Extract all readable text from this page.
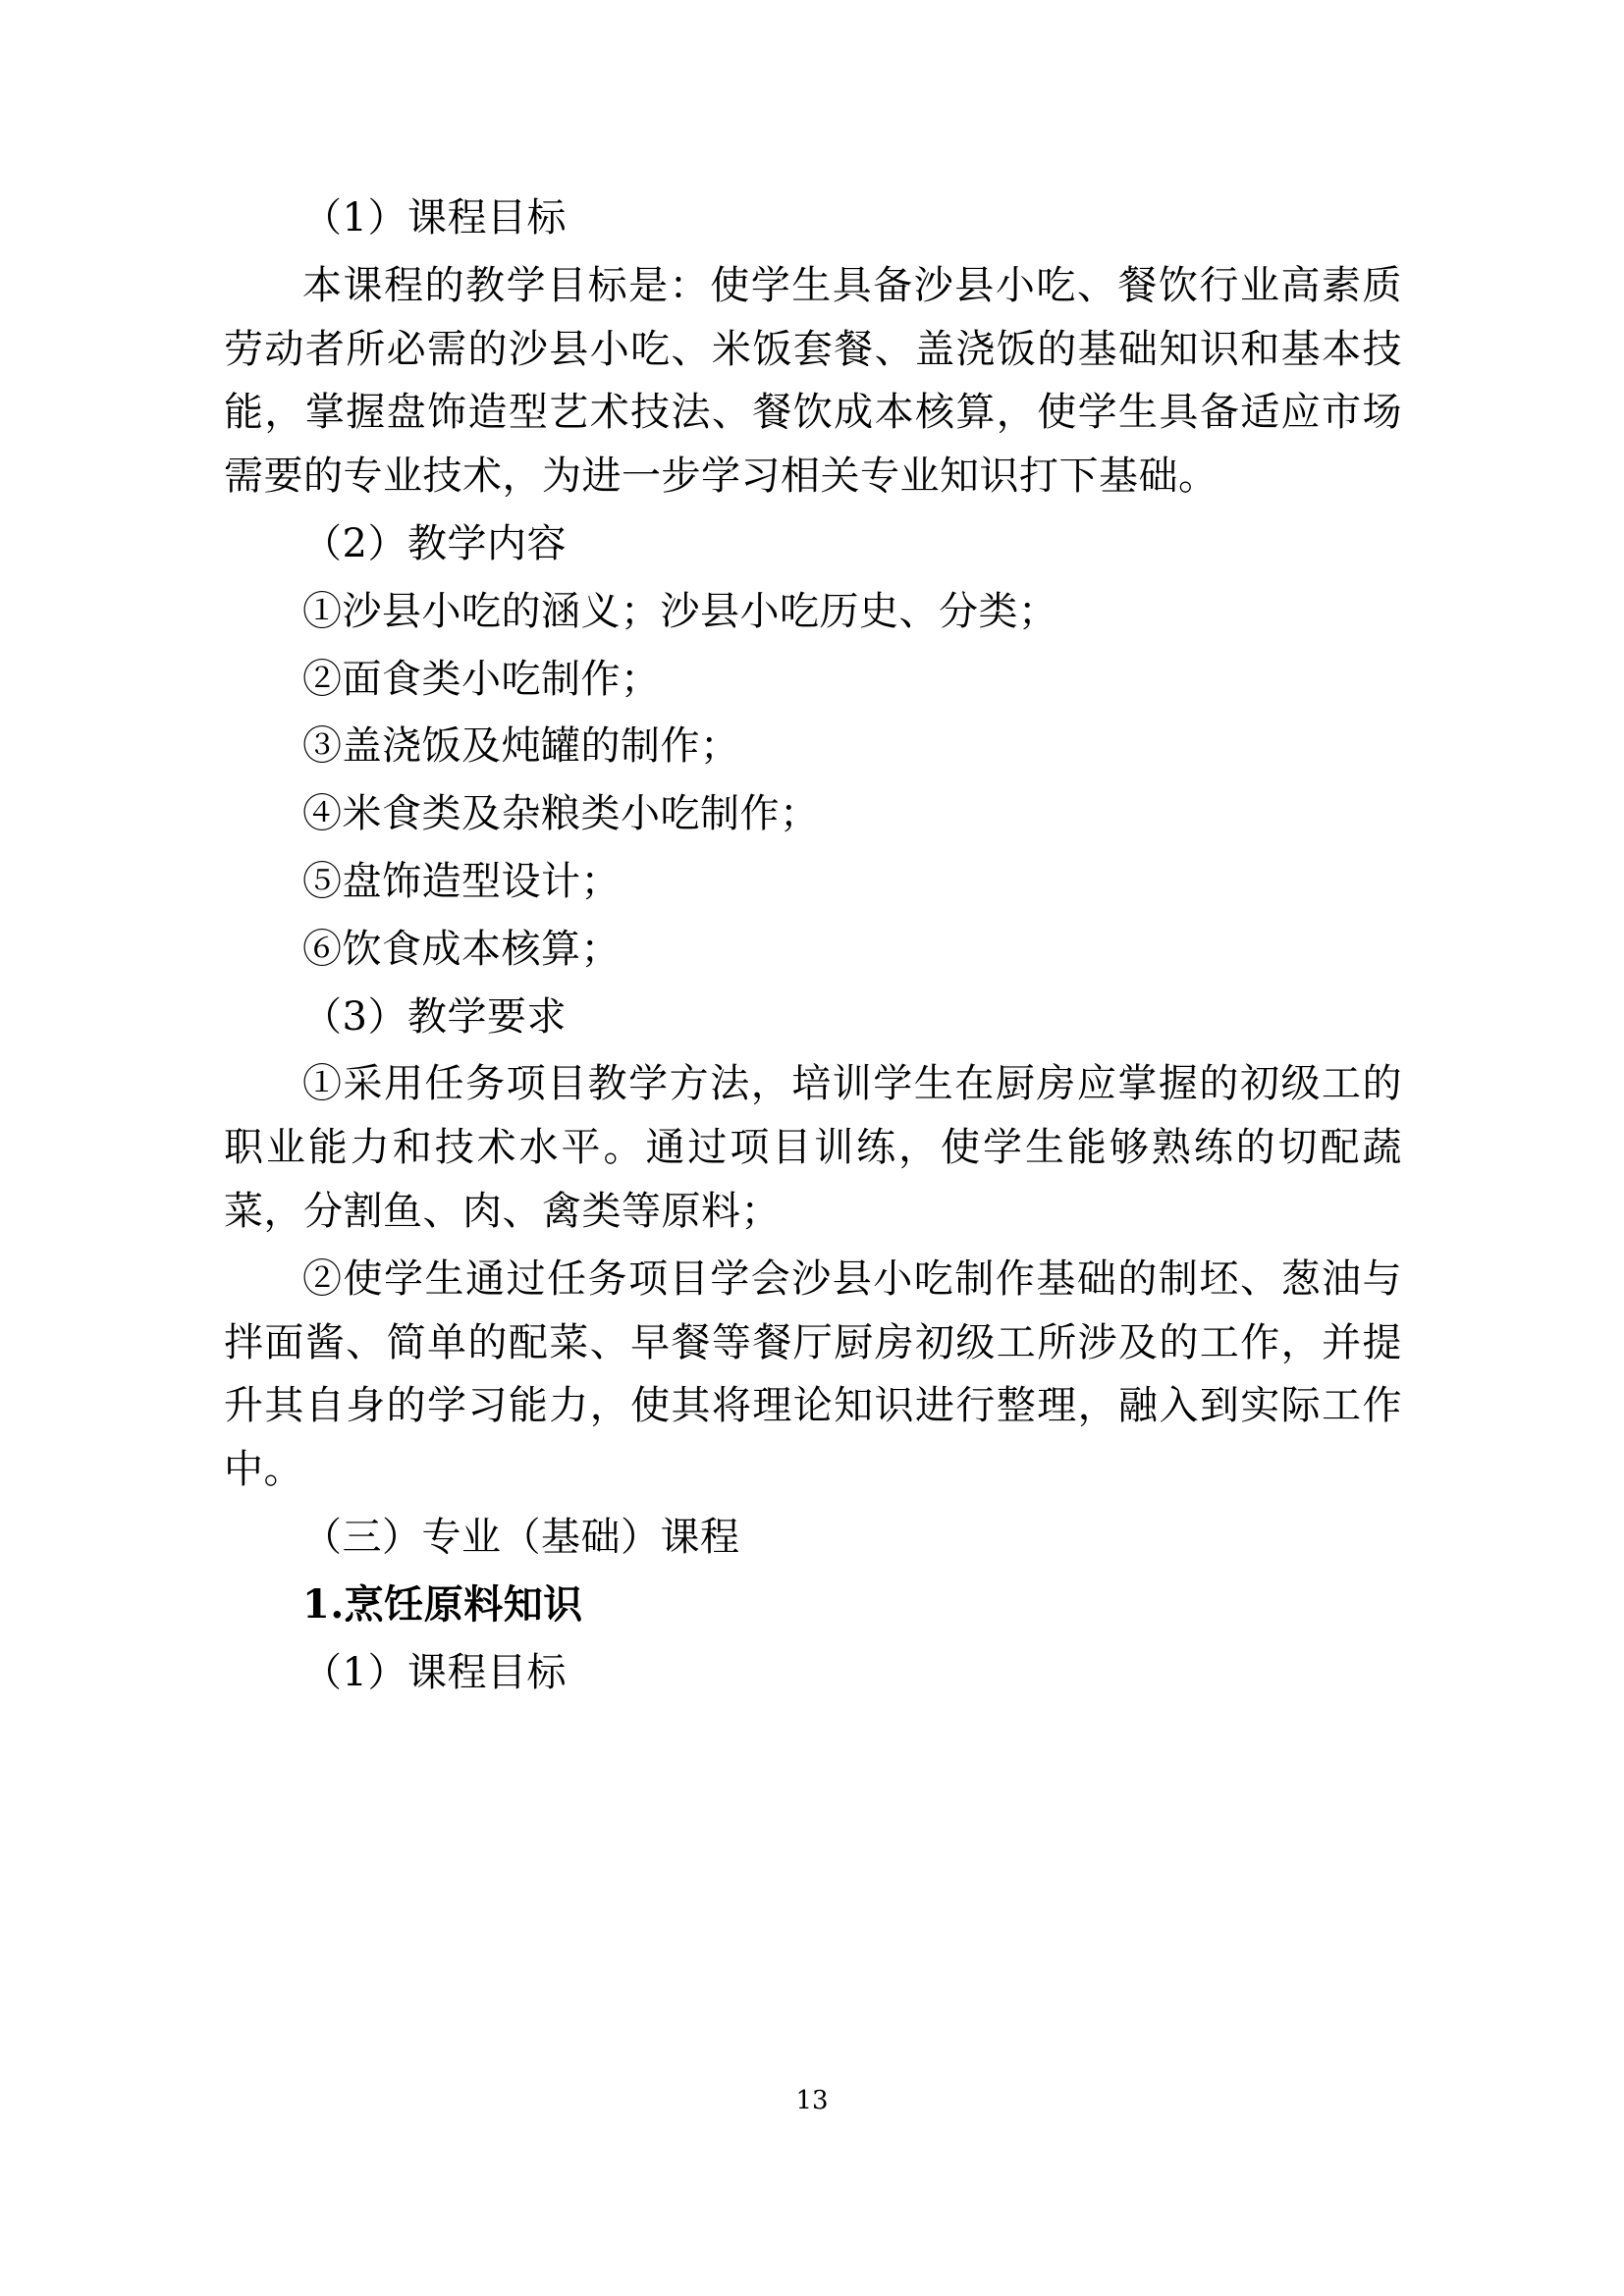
（1）课程目标

本课程的教学目标是：使学生具备沙县小吃、餐饮行业高素质劳动者所必需的沙县小吃、米饭套餐、盖浇饭的基础知识和基本技能，掌握盘饰造型艺术技法、餐饮成本核算，使学生具备适应市场需要的专业技术，为进一步学习相关专业知识打下基础。

（2）教学内容

①沙县小吃的涵义；沙县小吃历史、分类；

②面食类小吃制作；

③盖浇饭及炖罐的制作；

④米食类及杂粮类小吃制作；

⑤盘饰造型设计；

⑥饮食成本核算；

（3）教学要求

①采用任务项目教学方法，培训学生在厨房应掌握的初级工的职业能力和技术水平。通过项目训练，使学生能够熟练的切配蔬菜，分割鱼、肉、禽类等原料；

②使学生通过任务项目学会沙县小吃制作基础的制坯、葱油与拌面酱、简单的配菜、早餐等餐厅厨房初级工所涉及的工作，并提升其自身的学习能力，使其将理论知识进行整理，融入到实际工作中。

（三）专业（基础）课程

1.烹饪原料知识

（1）课程目标

13
